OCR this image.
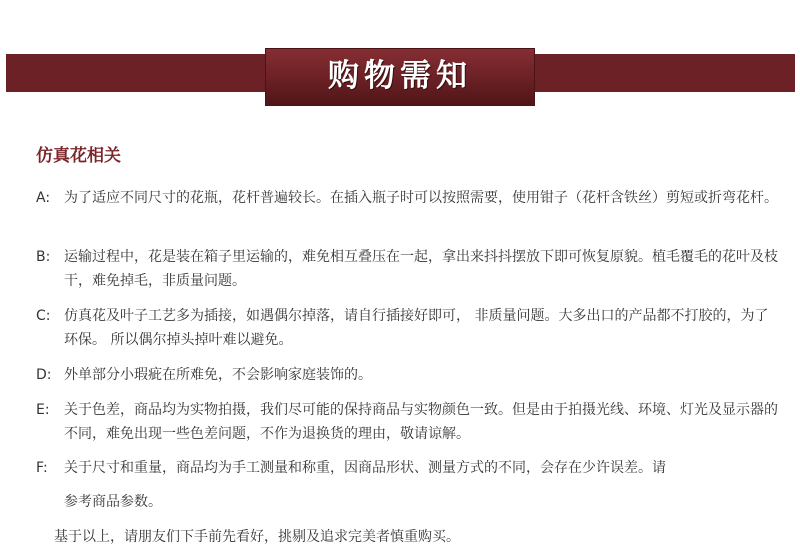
购物需知
仿真花相关
A: 为了适应不同尺寸的花瓶，花杆普遍较长。在插入瓶子时可以按照需要，使用钳子（花杆含铁丝）剪短或折弯花杆。
B: 运输过程中，花是装在箱子里运输的，难免相互叠压在一起，拿出来抖抖摆放下即可恢复原貌。植毛覆毛的花叶及枝干，难免掉毛，非质量问题。
C: 仿真花及叶子工艺多为插接，如遇偶尔掉落，请自行插接好即可， 非质量问题。大多出口的产品都不打胶的，为了环保。 所以偶尔掉头掉叶难以避免。
D: 外单部分小瑕疵在所难免，不会影响家庭装饰的。
E: 关于色差，商品均为实物拍摄，我们尽可能的保持商品与实物颜色一致。但是由于拍摄光线、环境、灯光及显示器的不同，难免出现一些色差问题，不作为退换货的理由，敬请谅解。
F: 关于尺寸和重量，商品均为手工测量和称重，因商品形状、测量方式的不同，会存在少许误差。请
参考商品参数。
基于以上，请朋友们下手前先看好，挑剔及追求完美者慎重购买。
